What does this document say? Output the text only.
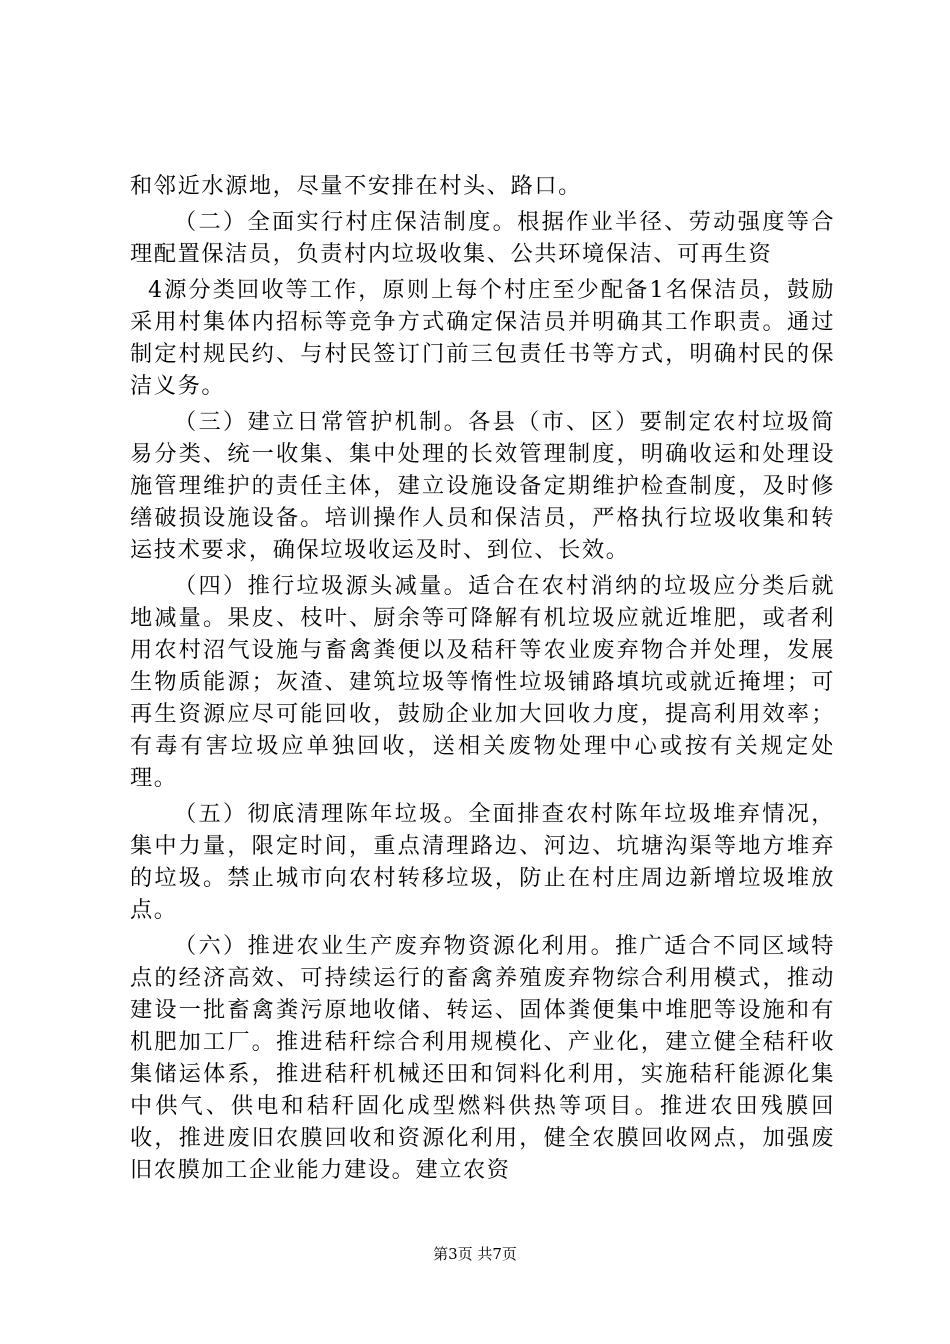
和邻近水源地，尽量不安排在村头、路口。

（二）全面实行村庄保洁制度。根据作业半径、劳动强度等合理配置保洁员，负责村内垃圾收集、公共环境保洁、可再生资

4源分类回收等工作，原则上每个村庄至少配备1名保洁员，鼓励采用村集体内招标等竞争方式确定保洁员并明确其工作职责。通过制定村规民约、与村民签订门前三包责任书等方式，明确村民的保洁义务。

（三）建立日常管护机制。各县（市、区）要制定农村垃圾简易分类、统一收集、集中处理的长效管理制度，明确收运和处理设施管理维护的责任主体，建立设施设备定期维护检查制度，及时修缮破损设施设备。培训操作人员和保洁员，严格执行垃圾收集和转运技术要求，确保垃圾收运及时、到位、长效。

（四）推行垃圾源头减量。适合在农村消纳的垃圾应分类后就地减量。果皮、枝叶、厨余等可降解有机垃圾应就近堆肥，或者利用农村沼气设施与畜禽粪便以及秸秆等农业废弃物合并处理，发展生物质能源；灰渣、建筑垃圾等惰性垃圾铺路填坑或就近掩埋；可再生资源应尽可能回收，鼓励企业加大回收力度，提高利用效率；有毒有害垃圾应单独回收，送相关废物处理中心或按有关规定处理。

（五）彻底清理陈年垃圾。全面排查农村陈年垃圾堆弃情况，集中力量，限定时间，重点清理路边、河边、坑塘沟渠等地方堆弃的垃圾。禁止城市向农村转移垃圾，防止在村庄周边新增垃圾堆放点。

（六）推进农业生产废弃物资源化利用。推广适合不同区域特点的经济高效、可持续运行的畜禽养殖废弃物综合利用模式，推动建设一批畜禽粪污原地收储、转运、固体粪便集中堆肥等设施和有机肥加工厂。推进秸秆综合利用规模化、产业化，建立健全秸秆收集储运体系，推进秸秆机械还田和饲料化利用，实施秸秆能源化集中供气、供电和秸秆固化成型燃料供热等项目。推进农田残膜回收，推进废旧农膜回收和资源化利用，健全农膜回收网点，加强废旧农膜加工企业能力建设。建立农资

第3页 共7页
